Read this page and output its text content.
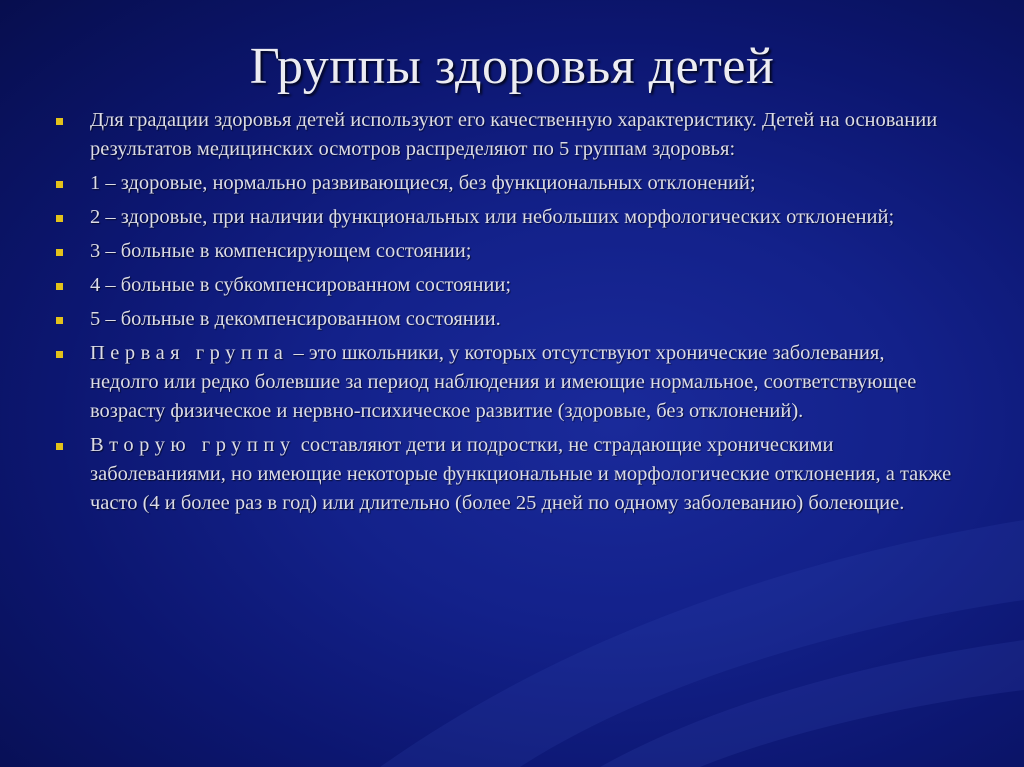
Группы здоровья детей
Для градации здоровья детей используют его качественную характеристику. Детей на основании результатов медицинских осмотров распределяют по 5 группам здоровья:
1 – здоровые, нормально развивающиеся, без функциональных отклонений;
2 – здоровые, при наличии функциональных или небольших морфологических отклонений;
3 – больные в компенсирующем состоянии;
4 – больные в субкомпенсированном состоянии;
5 – больные в декомпенсированном состоянии.
Первая группа – это школьники, у которых отсутствуют хронические заболевания, недолго или редко болевшие за период наблюдения и имеющие нормальное, соответствующее возрасту физическое и нервно-психическое развитие (здоровые, без отклонений).
Вторую группу составляют дети и подростки, не страдающие хроническими заболеваниями, но имеющие некоторые функциональные и морфологические отклонения, а также часто (4 и более раз в год) или длительно (более 25 дней по одному заболеванию) болеющие.
